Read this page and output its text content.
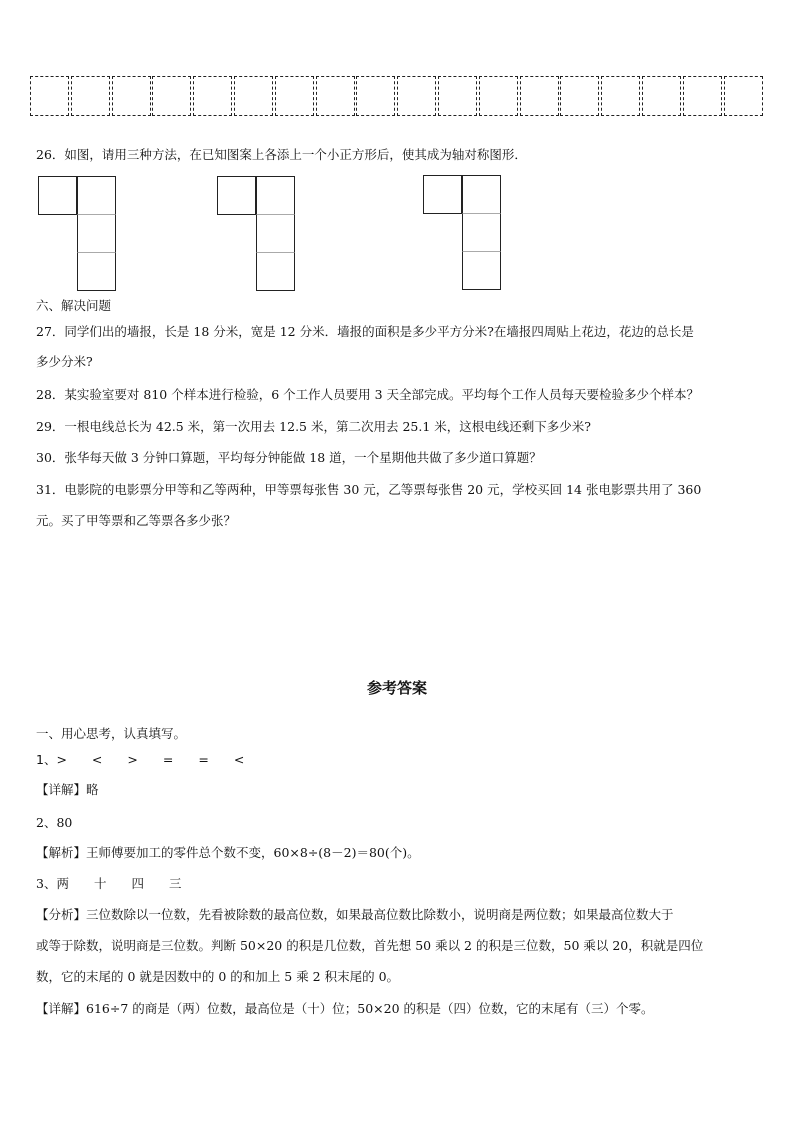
26．如图，请用三种方法，在已知图案上各添上一个小正方形后，使其成为轴对称图形．
六、解决问题
27．同学们出的墙报，长是 18 分米，宽是 12 分米．墙报的面积是多少平方分米?在墙报四周贴上花边，花边的总长是
多少分米?
28．某实验室要对 810 个样本进行检验，6 个工作人员要用 3 天全部完成。平均每个工作人员每天要检验多少个样本？
29．一根电线总长为 42.5 米，第一次用去 12.5 米，第二次用去 25.1 米，这根电线还剩下多少米?
30．张华每天做 3 分钟口算题，平均每分钟能做 18 道，一个星期他共做了多少道口算题？
31．电影院的电影票分甲等和乙等两种，甲等票每张售 30 元，乙等票每张售 20 元，学校买回 14 张电影票共用了 360
元。买了甲等票和乙等票各多少张？
参考答案
一、用心思考，认真填写。
1、>　　<　　>　　=　　=　　<
【详解】略
2、80
【解析】王师傅要加工的零件总个数不变，60×8÷(8－2)＝80(个)。
3、两　　十　　四　　三
【分析】三位数除以一位数，先看被除数的最高位数，如果最高位数比除数小，说明商是两位数；如果最高位数大于
或等于除数，说明商是三位数。判断 50×20 的积是几位数，首先想 50 乘以 2 的积是三位数，50 乘以 20，积就是四位
数，它的末尾的 0 就是因数中的 0 的和加上 5 乘 2 积末尾的 0。
【详解】616÷7 的商是（两）位数，最高位是（十）位；50×20 的积是（四）位数，它的末尾有（三）个零。
